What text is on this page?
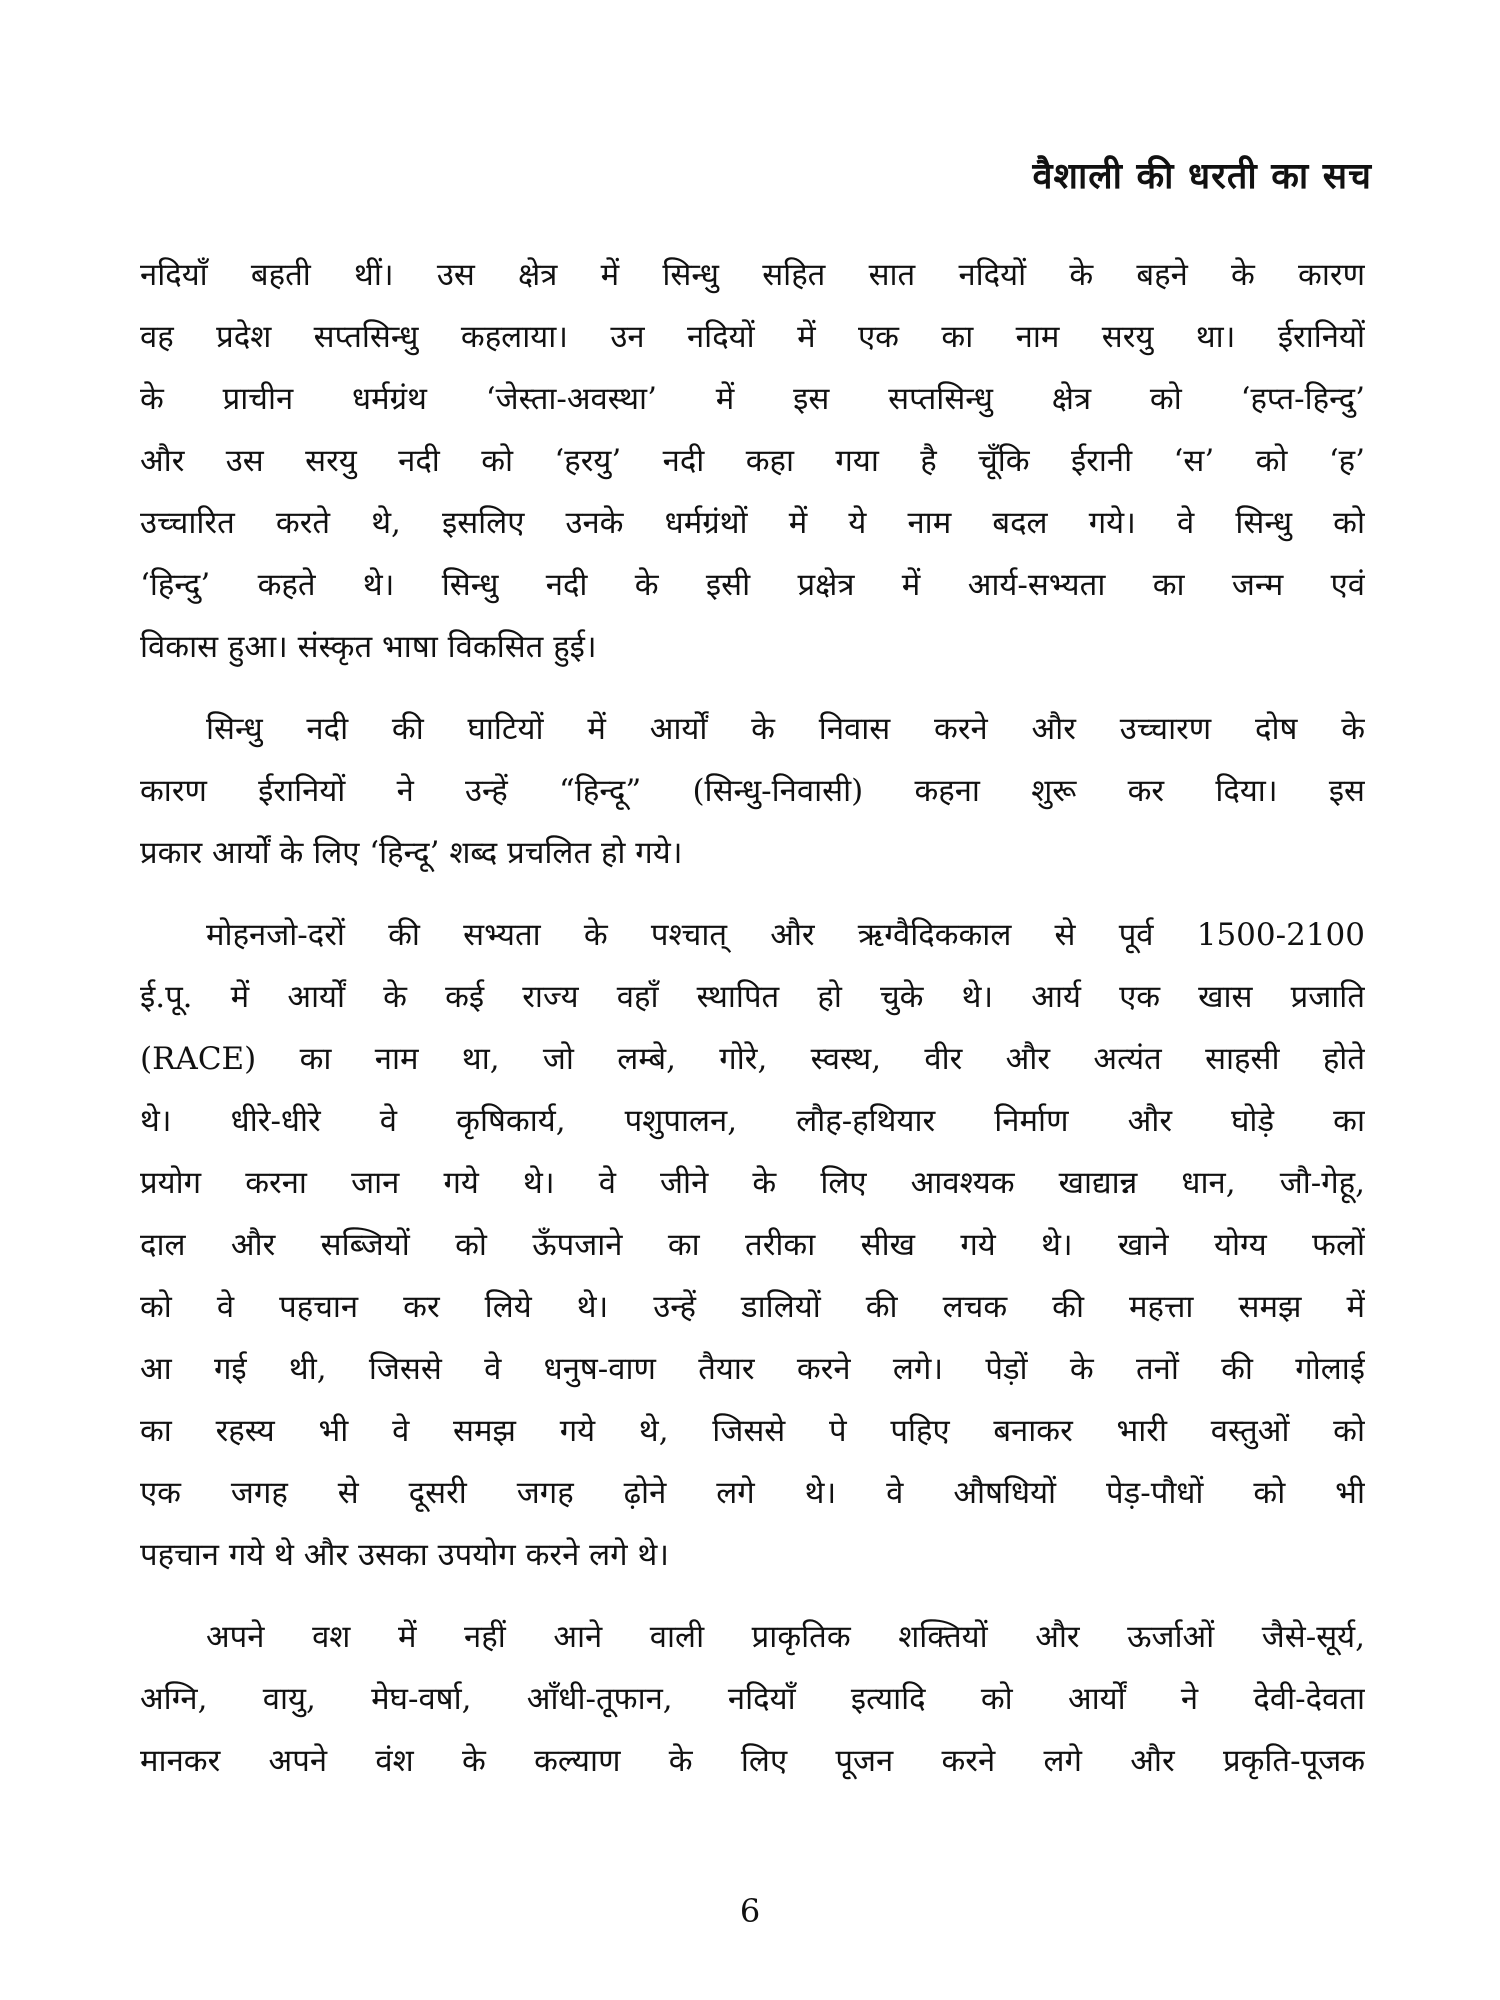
वैशाली की धरती का सच
नदियाँ बहती थीं। उस क्षेत्र में सिन्धु सहित सात नदियों के बहने के कारण
वह प्रदेश सप्तसिन्धु कहलाया। उन नदियों में एक का नाम सरयु था। ईरानियों
के प्राचीन धर्मग्रंथ ‘जेस्ता-अवस्था’ में इस सप्तसिन्धु क्षेत्र को ‘हप्त-हिन्दु’
और उस सरयु नदी को ‘हरयु’ नदी कहा गया है चूँकि ईरानी ‘स’ को ‘ह’
उच्चारित करते थे, इसलिए उनके धर्मग्रंथों में ये नाम बदल गये। वे सिन्धु को
‘हिन्दु’ कहते थे। सिन्धु नदी के इसी प्रक्षेत्र में आर्य-सभ्यता का जन्म एवं
विकास हुआ। संस्कृत भाषा विकसित हुई।
सिन्धु नदी की घाटियों में आर्यों के निवास करने और उच्चारण दोष के
कारण ईरानियों ने उन्हें “हिन्दू” (सिन्धु-निवासी) कहना शुरू कर दिया। इस
प्रकार आर्यों के लिए ‘हिन्दू’ शब्द प्रचलित हो गये।
मोहनजो-दरों की सभ्यता के पश्चात् और ऋग्वैदिककाल से पूर्व 1500-2100
ई.पू. में आर्यों के कई राज्य वहाँ स्थापित हो चुके थे। आर्य एक खास प्रजाति
(RACE) का नाम था, जो लम्बे, गोरे, स्वस्थ, वीर और अत्यंत साहसी होते
थे। धीरे-धीरे वे कृषिकार्य, पशुपालन, लौह-हथियार निर्माण और घोड़े का
प्रयोग करना जान गये थे। वे जीने के लिए आवश्यक खाद्यान्न धान, जौ-गेहू,
दाल और सब्जियों को ऊँपजाने का तरीका सीख गये थे। खाने योग्य फलों
को वे पहचान कर लिये थे। उन्हें डालियों की लचक की महत्ता समझ में
आ गई थी, जिससे वे धनुष-वाण तैयार करने लगे। पेड़ों के तनों की गोलाई
का रहस्य भी वे समझ गये थे, जिससे पे पहिए बनाकर भारी वस्तुओं को
एक जगह से दूसरी जगह ढ़ोने लगे थे। वे औषधियों पेड़-पौधों को भी
पहचान गये थे और उसका उपयोग करने लगे थे।
अपने वश में नहीं आने वाली प्राकृतिक शक्तियों और ऊर्जाओं जैसे-सूर्य,
अग्नि, वायु, मेघ-वर्षा, आँधी-तूफान, नदियाँ इत्यादि को आर्यों ने देवी-देवता
मानकर अपने वंश के कल्याण के लिए पूजन करने लगे और प्रकृति-पूजक
6
